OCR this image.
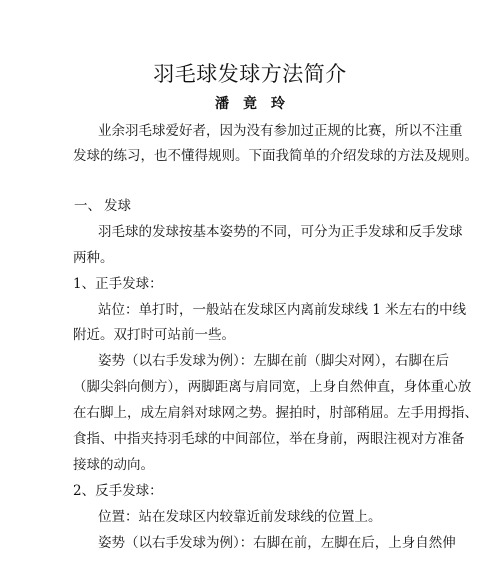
羽毛球发球方法简介
潘竟玲
业余羽毛球爱好者，因为没有参加过正规的比赛，所以不注重
发球的练习，也不懂得规则。下面我简单的介绍发球的方法及规则。
一、 发球
羽毛球的发球按基本姿势的不同，可分为正手发球和反手发球
两种。
1、正手发球：
站位：单打时，一般站在发球区内离前发球线 1 米左右的中线
附近。双打时可站前一些。
姿势（以右手发球为例）：左脚在前（脚尖对网），右脚在后
（脚尖斜向侧方），两脚距离与肩同宽，上身自然伸直，身体重心放
在右脚上，成左肩斜对球网之势。握拍时，肘部稍屈。左手用拇指、
食指、中指夹持羽毛球的中间部位，举在身前，两眼注视对方准备
接球的动向。
2、反手发球：
位置：站在发球区内较靠近前发球线的位置上。
姿势（以右手发球为例）：右脚在前，左脚在后，上身自然伸
